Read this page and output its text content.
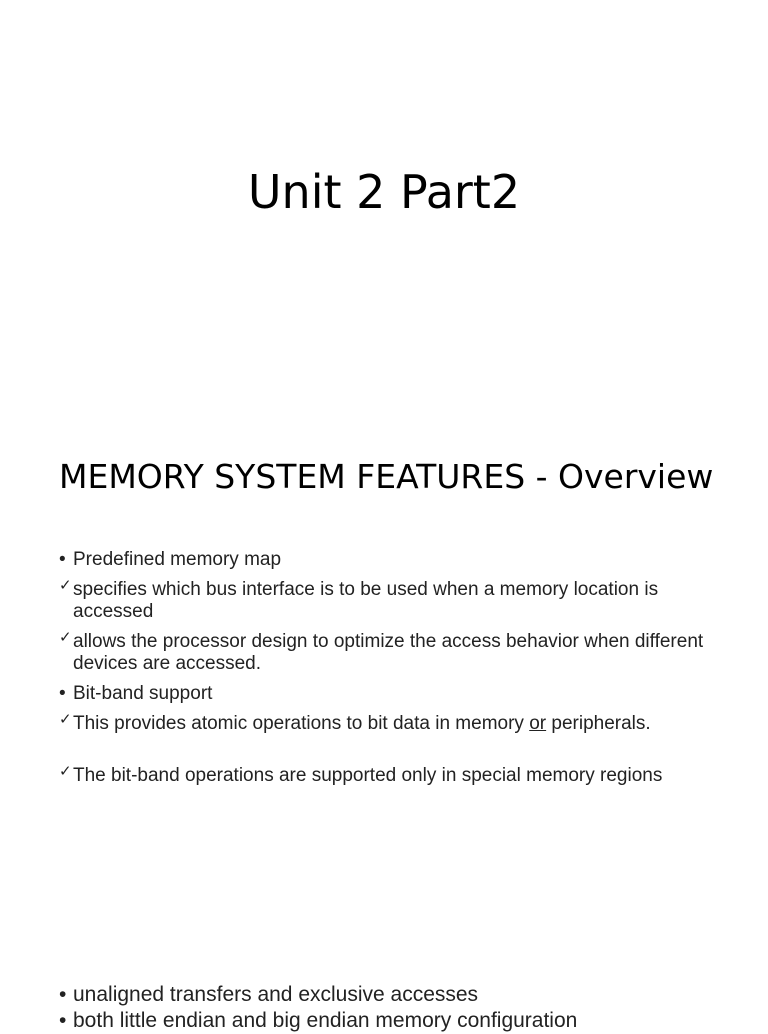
Unit 2 Part2
MEMORY SYSTEM FEATURES - Overview
• Predefined memory map
✓ specifies which bus interface is to be used when a memory location is accessed
✓ allows the processor design to optimize the access behavior when different devices are accessed.
• Bit-band support
✓ This provides atomic operations to bit data in memory or peripherals.
✓ The bit-band operations are supported only in special memory regions
• unaligned transfers and exclusive accesses
• both little endian and big endian memory configuration
